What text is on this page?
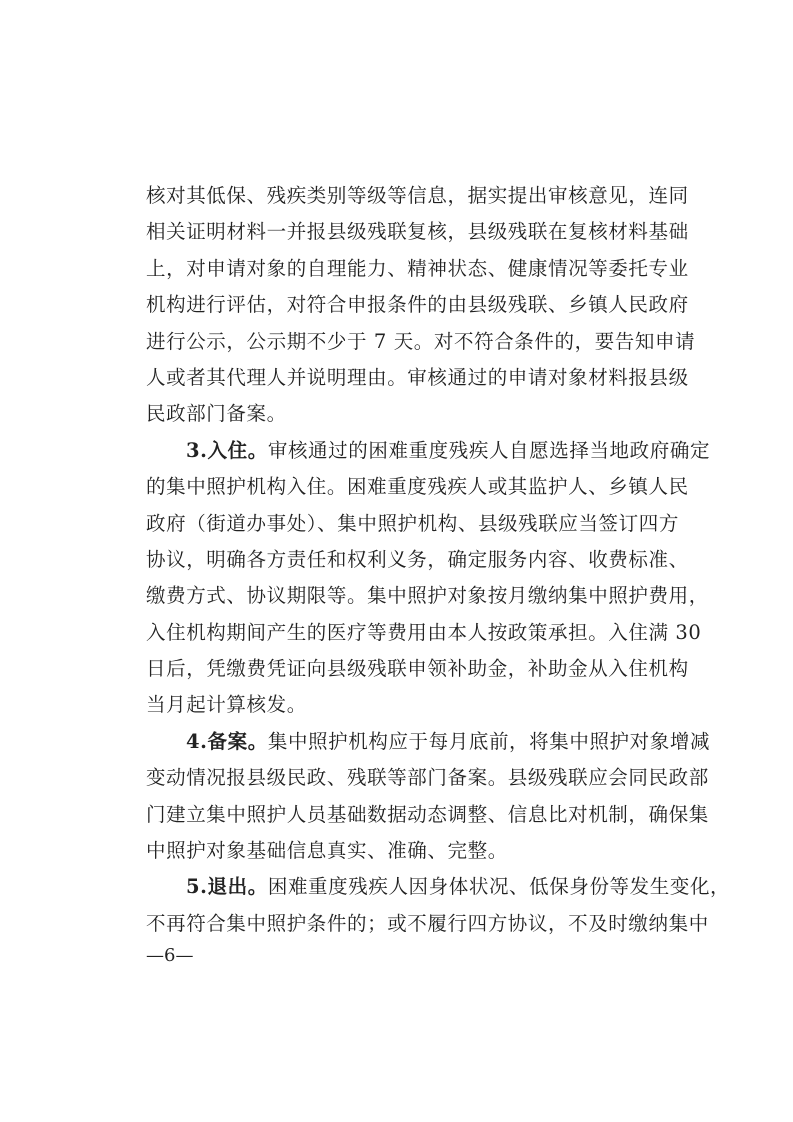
核对其低保、残疾类别等级等信息，据实提出审核意见，连同
相关证明材料一并报县级残联复核，县级残联在复核材料基础
上，对申请对象的自理能力、精神状态、健康情况等委托专业
机构进行评估，对符合申报条件的由县级残联、乡镇人民政府
进行公示，公示期不少于 7 天。对不符合条件的，要告知申请
人或者其代理人并说明理由。审核通过的申请对象材料报县级
民政部门备案。
3.入住。审核通过的困难重度残疾人自愿选择当地政府确定
的集中照护机构入住。困难重度残疾人或其监护人、乡镇人民
政府（街道办事处）、集中照护机构、县级残联应当签订四方
协议，明确各方责任和权利义务，确定服务内容、收费标准、
缴费方式、协议期限等。集中照护对象按月缴纳集中照护费用，
入住机构期间产生的医疗等费用由本人按政策承担。入住满 30
日后，凭缴费凭证向县级残联申领补助金，补助金从入住机构
当月起计算核发。
4.备案。集中照护机构应于每月底前，将集中照护对象增减
变动情况报县级民政、残联等部门备案。县级残联应会同民政部
门建立集中照护人员基础数据动态调整、信息比对机制，确保集
中照护对象基础信息真实、准确、完整。
5.退出。困难重度残疾人因身体状况、低保身份等发生变化，
不再符合集中照护条件的；或不履行四方协议，不及时缴纳集中
—6—
